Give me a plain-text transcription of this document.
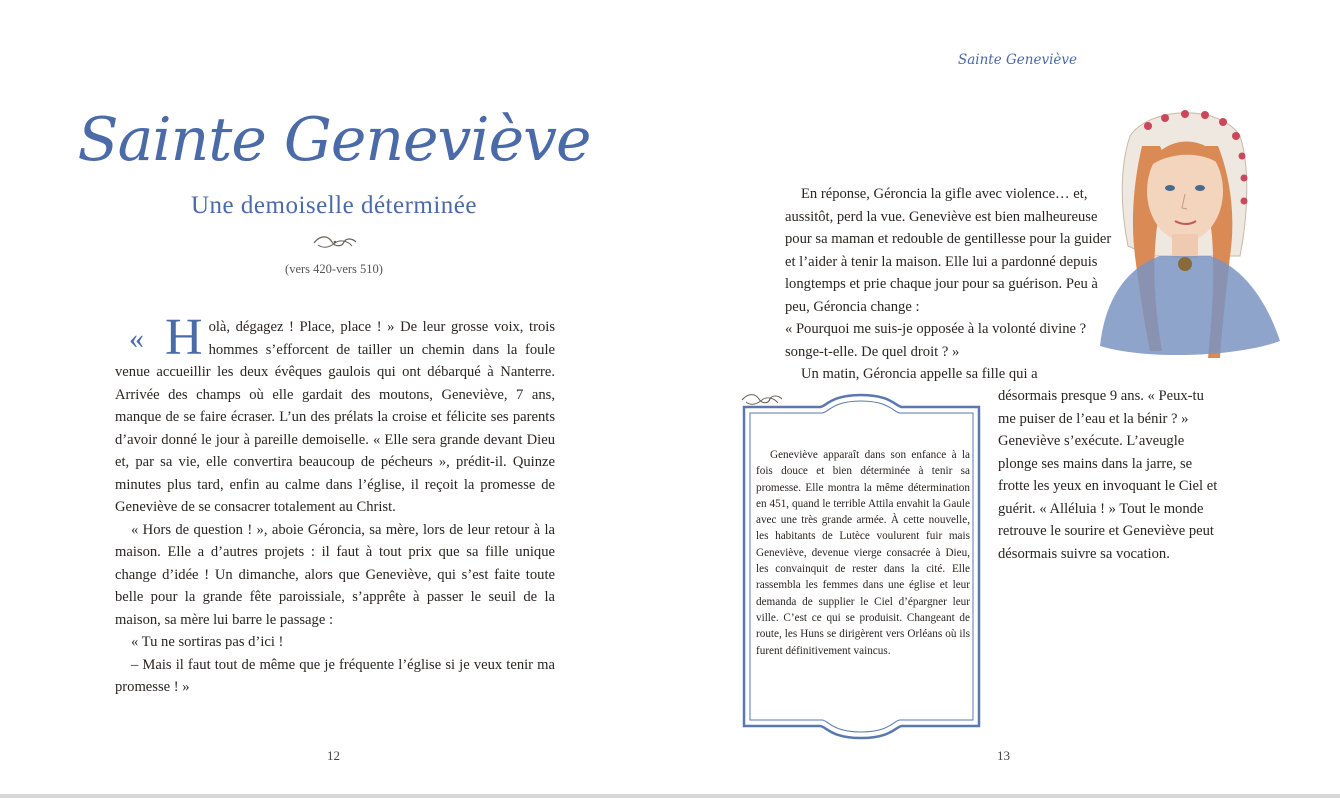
Sainte Geneviève
Une demoiselle déterminée
(vers 420-vers 510)
« H olà, dégagez ! Place, place ! » De leur grosse voix, trois hommes s’efforcent de tailler un chemin dans la foule venue accueillir les deux évêques gaulois qui ont débarqué à Nanterre. Arrivée des champs où elle gardait des moutons, Geneviève, 7 ans, manque de se faire écraser. L’un des prélats la croise et félicite ses parents d’avoir donné le jour à pareille demoiselle. « Elle sera grande devant Dieu et, par sa vie, elle convertira beaucoup de pécheurs », prédit-il. Quinze minutes plus tard, enfin au calme dans l’église, il reçoit la promesse de Geneviève de se consacrer totalement au Christ.

« Hors de question ! », aboie Géroncia, sa mère, lors de leur retour à la maison. Elle a d’autres projets : il faut à tout prix que sa fille unique change d’idée ! Un dimanche, alors que Geneviève, qui s’est faite toute belle pour la grande fête paroissiale, s’apprête à passer le seuil de la maison, sa mère lui barre le passage :

« Tu ne sortiras pas d’ici !

– Mais il faut tout de même que je fréquente l’église si je veux tenir ma promesse ! »

12
Sainte Geneviève

En réponse, Géroncia la gifle avec violence… et, aussitôt, perd la vue. Geneviève est bien malheureuse pour sa maman et redouble de gentillesse pour la guider et l’aider à tenir la maison. Elle lui a pardonné depuis longtemps et prie chaque jour pour sa guérison. Peu à peu, Géroncia change :

« Pourquoi me suis-je opposée à la volonté divine ? songe-t-elle. De quel droit ? »

Un matin, Géroncia appelle sa fille qui a

désormais presque 9 ans. « Peux-tu me puiser de l’eau et la bénir ? » Geneviève s’exécute. L’aveugle plonge ses mains dans la jarre, se frotte les yeux en invoquant le Ciel et guérit. « Alléluia ! » Tout le monde retrouve le sourire et Geneviève peut désormais suivre sa vocation.

Geneviève apparaît dans son enfance à la fois douce et bien déterminée à tenir sa promesse. Elle montra la même détermination en 451, quand le terrible Attila envahit la Gaule avec une très grande armée. À cette nouvelle, les habitants de Lutèce voulurent fuir mais Geneviève, devenue vierge consacrée à Dieu, les convainquit de rester dans la cité. Elle rassembla les femmes dans une église et leur demanda de supplier le Ciel d’épargner leur ville. C’est ce qui se produisit. Changeant de route, les Huns se dirigèrent vers Orléans où ils furent définitivement vaincus.

13
